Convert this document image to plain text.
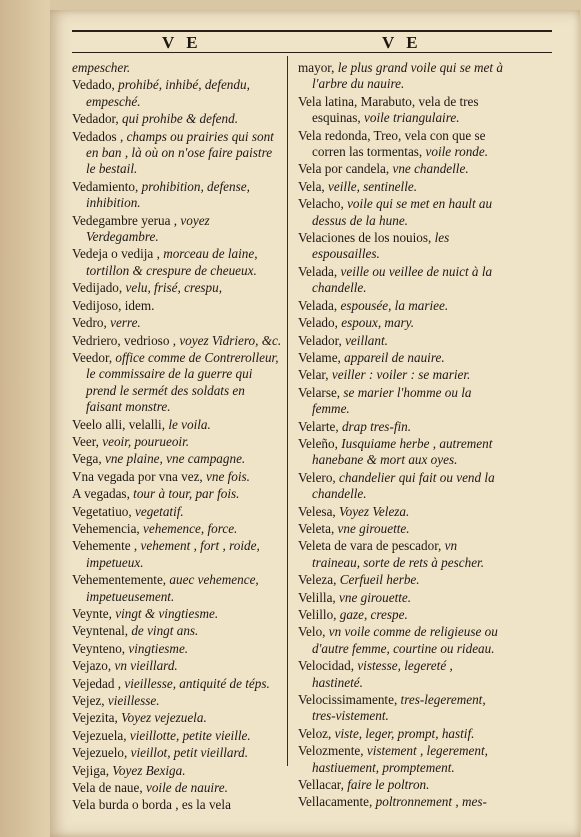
V E	V E
empescher.
Vedado, prohibé, inhibé, defendu, empesché.
Vedador, qui prohibe & defend.
Vedados , champs ou prairies qui sont en ban , là où on n'ose faire paistre le bestail.
Vedamiento, prohibition, defense, inhibition.
Vedegambre yerua , voyez Verdegambre.
Vedeja o vedija , morceau de laine, tortillon & crespure de cheueux.
Vedijado, velu, frisé, crespu,
Vedijoso, idem.
Vedro, verre.
Vedriero, vedrioso , voyez Vidriero, &c.
Veedor, office comme de Contrerolleur, le commissaire de la guerre qui prend le sermét des soldats en faisant monstre.
Veelo alli, velalli, le voila.
Veer, veoir, pourueoir.
Vega, vne plaine, vne campagne.
Vna vegada por vna vez, vne fois.
A vegadas, tour à tour, par fois.
Vegetatiuo, vegetatif.
Vehemencia, vehemence, force.
Vehemente , vehement , fort , roide, impetueux.
Vehementemente, auec vehemence, impetueusement.
Veynte, vingt & vingtiesme.
Veyntenal, de vingt ans.
Veynteno, vingtiesme.
Vejazo, vn vieillard.
Vejedad , vieillesse, antiquité de téps.
Vejez, vieillesse.
Vejezita, Voyez vejezuela.
Vejezuela, vieillotte, petite vieille.
Vejezuelo, vieillot, petit vieillard.
Vejiga, Voyez Bexiga.
Vela de naue, voile de nauire.
Vela burda o borda , es la vela
mayor, le plus grand voile qui se met à l'arbre du nauire.
Vela latina, Marabuto, vela de tres esquinas, voile triangulaire.
Vela redonda, Treo, vela con que se corren las tormentas, voile ronde.
Vela por candela, vne chandelle.
Vela, veille, sentinelle.
Velacho, voile qui se met en hault au dessus de la hune.
Velaciones de los nouios, les espousailles.
Velada, veille ou veillee de nuict à la chandelle.
Velada, espousée, la mariee.
Velado, espoux, mary.
Velador, veillant.
Velame, appareil de nauire.
Velar, veiller : voiler : se marier.
Velarse, se marier l'homme ou la femme.
Velarte, drap tres-fin.
Veleño, Iusquiame herbe , autrement hanebane & mort aux oyes.
Velero, chandelier qui fait ou vend la chandelle.
Velesa, Voyez Veleza.
Veleta, vne girouette.
Veleta de vara de pescador, vn traineau, sorte de rets à pescher.
Veleza, Cerfueil herbe.
Velilla, vne girouette.
Velillo, gaze, crespe.
Velo, vn voile comme de religieuse ou d'autre femme, courtine ou rideau.
Velocidad, vistesse, legereté , hastineté.
Velocissimamente, tres-legerement, tres-vistement.
Veloz, viste, leger, prompt, hastif.
Velozmente, vistement , legerement, hastiuement, promptement.
Vellacar, faire le poltron.
Vellacamente, poltronnement , mes-
